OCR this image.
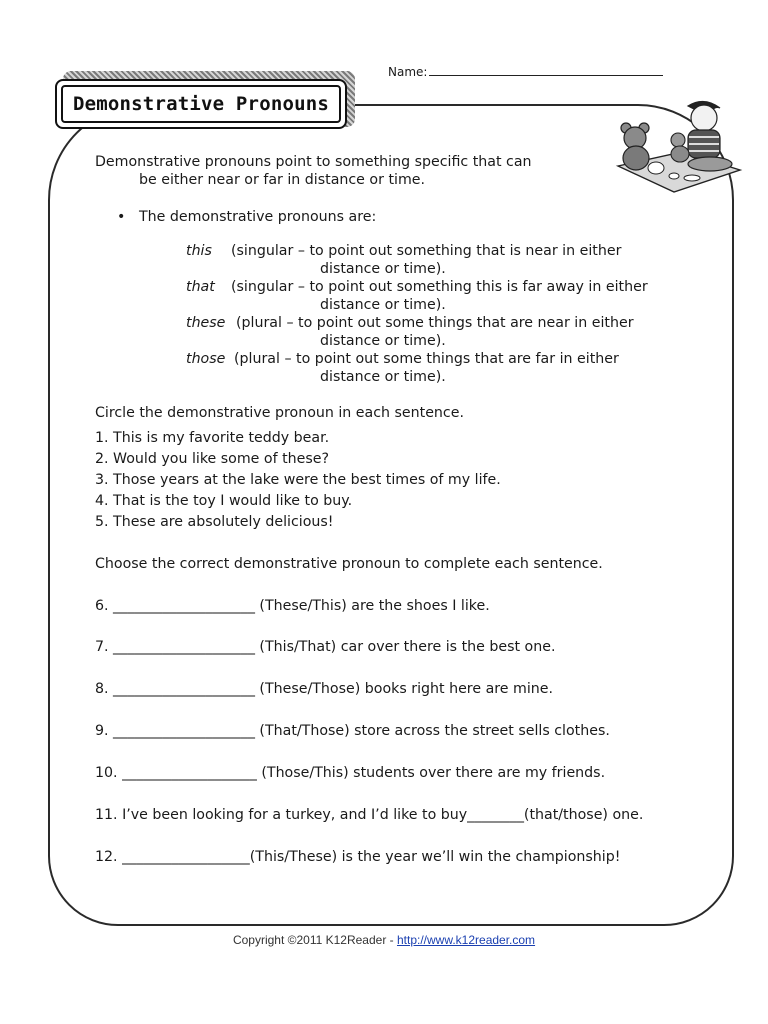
Name:
Demonstrative Pronouns
Demonstrative pronouns point to something specific that can
be either near or far in distance or time.
• The demonstrative pronouns are:
this (singular – to point out something that is near in either
distance or time).
that (singular – to point out something this is far away in either
distance or time).
these (plural – to point out some things that are near in either
distance or time).
those (plural – to point out some things that are far in either
distance or time).
Circle the demonstrative pronoun in each sentence.
1. This is my favorite teddy bear.
2. Would you like some of these?
3. Those years at the lake were the best times of my life.
4. That is the toy I would like to buy.
5. These are absolutely delicious!
Choose the correct demonstrative pronoun to complete each sentence.
6. ____________________ (These/This) are the shoes I like.
7. ____________________ (This/That) car over there is the best one.
8. ____________________ (These/Those) books right here are mine.
9. ____________________ (That/Those) store across the street sells clothes.
10. ___________________ (Those/This) students over there are my friends.
11. I’ve been looking for a turkey, and I’d like to buy________(that/those) one.
12. __________________(This/These) is the year we’ll win the championship!
Copyright ©2011 K12Reader - http://www.k12reader.com
